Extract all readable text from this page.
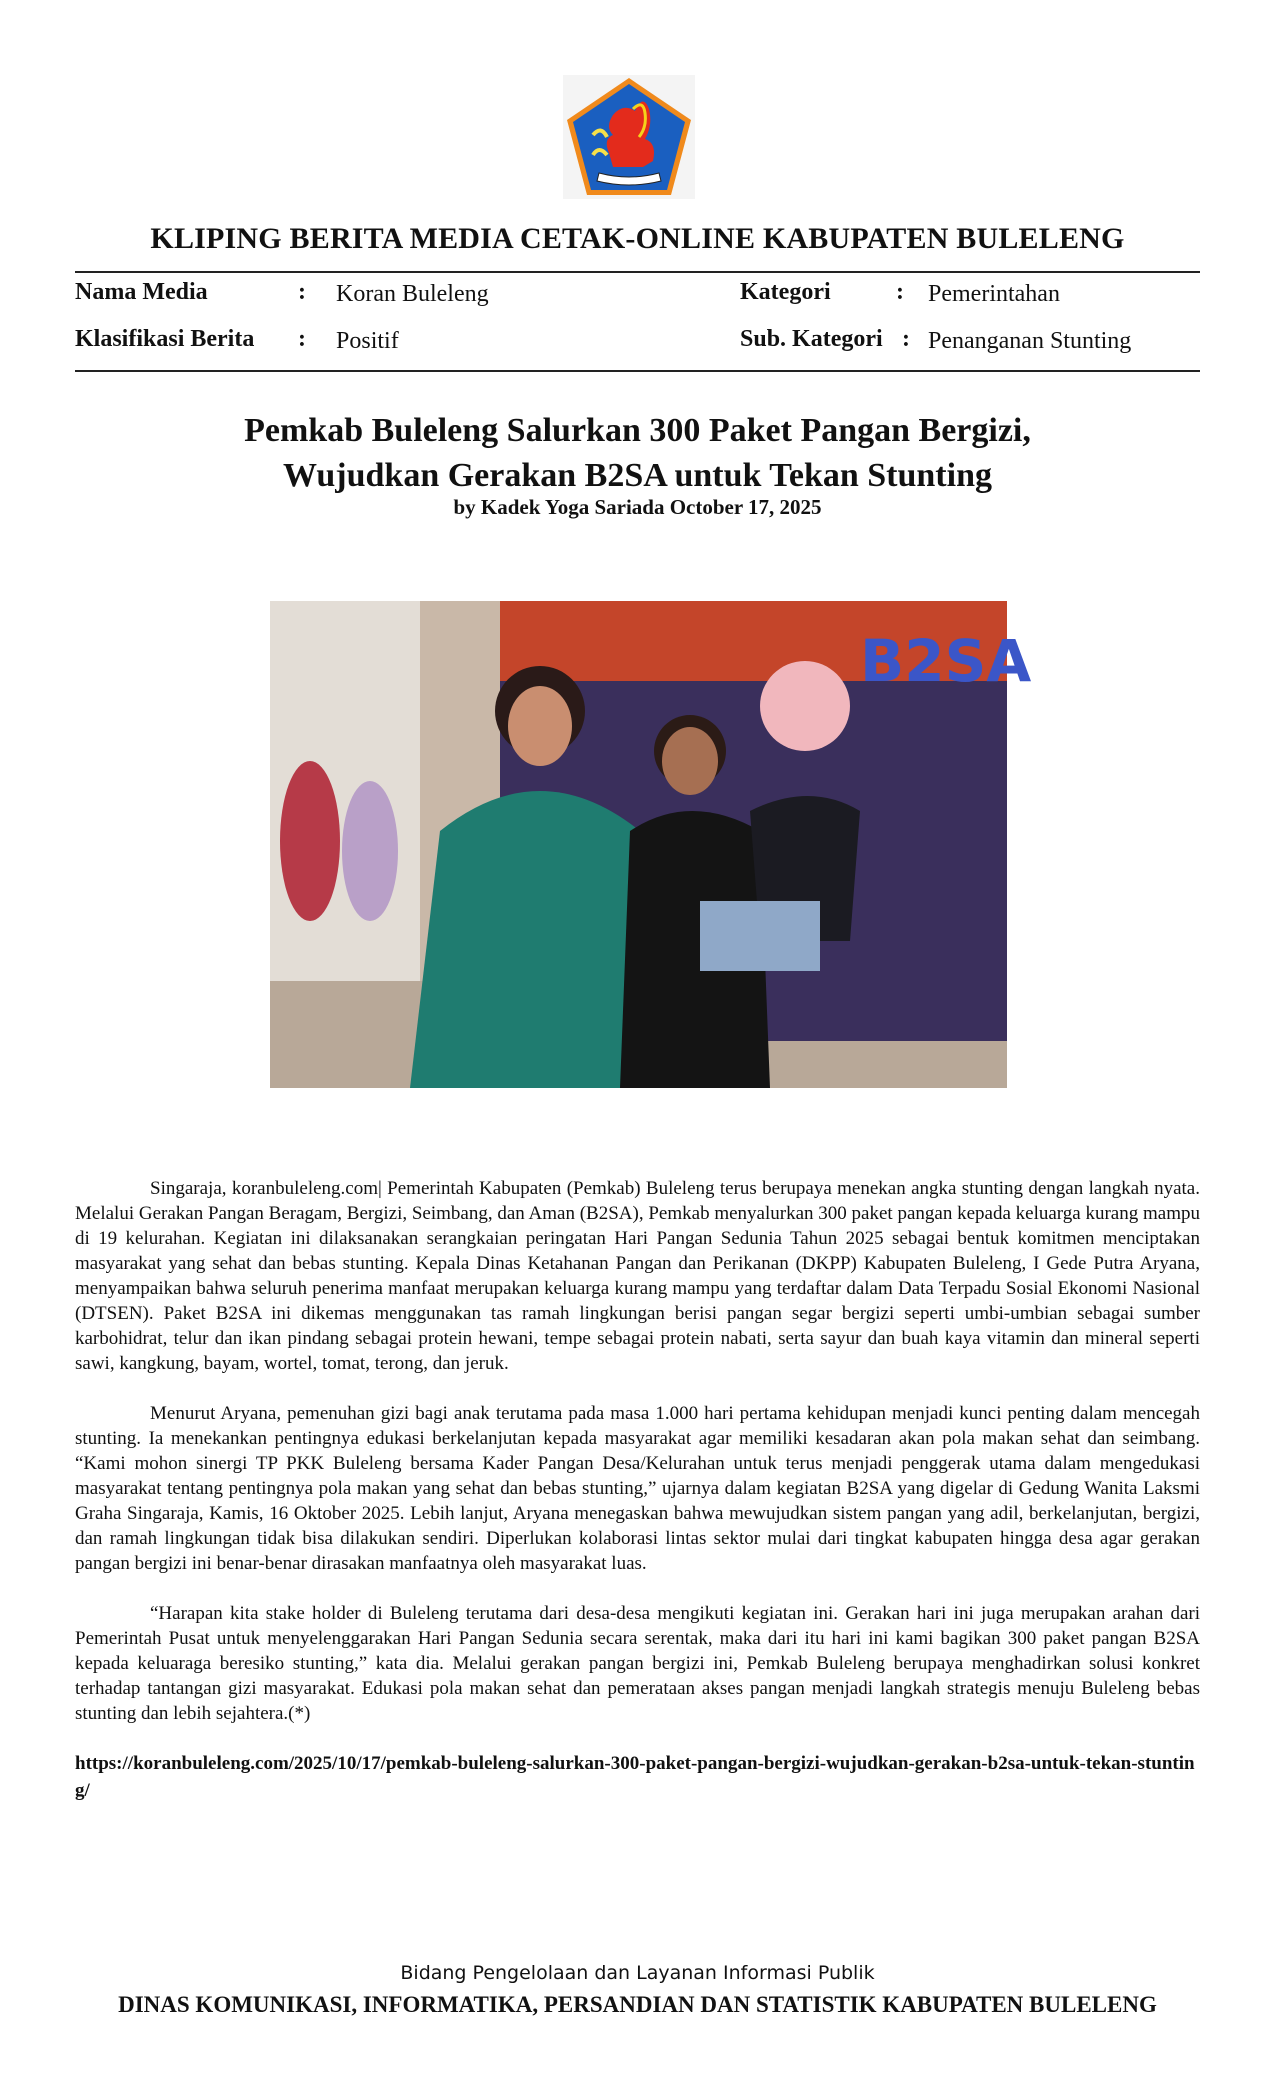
KLIPING BERITA MEDIA CETAK-ONLINE KABUPATEN BULELENG
Nama Media	: Koran Buleleng	Kategori	: Pemerintahan
Klasifikasi Berita : Positif	Sub. Kategori : Penanganan Stunting
Pemkab Buleleng Salurkan 300 Paket Pangan Bergizi,
Wujudkan Gerakan B2SA untuk Tekan Stunting
by Kadek Yoga Sariada October 17, 2025
B2SA

Singaraja, koranbuleleng.com| Pemerintah Kabupaten (Pemkab) Buleleng terus berupaya menekan angka stunting dengan langkah nyata. Melalui Gerakan Pangan Beragam, Bergizi, Seimbang, dan Aman (B2SA), Pemkab menyalurkan 300 paket pangan kepada keluarga kurang mampu di 19 kelurahan. Kegiatan ini dilaksanakan serangkaian peringatan Hari Pangan Sedunia Tahun 2025 sebagai bentuk komitmen menciptakan masyarakat yang sehat dan bebas stunting. Kepala Dinas Ketahanan Pangan dan Perikanan (DKPP) Kabupaten Buleleng, I Gede Putra Aryana, menyampaikan bahwa seluruh penerima manfaat merupakan keluarga kurang mampu yang terdaftar dalam Data Terpadu Sosial Ekonomi Nasional (DTSEN). Paket B2SA ini dikemas menggunakan tas ramah lingkungan berisi pangan segar bergizi seperti umbi-umbian sebagai sumber karbohidrat, telur dan ikan pindang sebagai protein hewani, tempe sebagai protein nabati, serta sayur dan buah kaya vitamin dan mineral seperti sawi, kangkung, bayam, wortel, tomat, terong, dan jeruk.

Menurut Aryana, pemenuhan gizi bagi anak terutama pada masa 1.000 hari pertama kehidupan menjadi kunci penting dalam mencegah stunting. Ia menekankan pentingnya edukasi berkelanjutan kepada masyarakat agar memiliki kesadaran akan pola makan sehat dan seimbang. “Kami mohon sinergi TP PKK Buleleng bersama Kader Pangan Desa/Kelurahan untuk terus menjadi penggerak utama dalam mengedukasi masyarakat tentang pentingnya pola makan yang sehat dan bebas stunting,” ujarnya dalam kegiatan B2SA yang digelar di Gedung Wanita Laksmi Graha Singaraja, Kamis, 16 Oktober 2025. Lebih lanjut, Aryana menegaskan bahwa mewujudkan sistem pangan yang adil, berkelanjutan, bergizi, dan ramah lingkungan tidak bisa dilakukan sendiri. Diperlukan kolaborasi lintas sektor mulai dari tingkat kabupaten hingga desa agar gerakan pangan bergizi ini benar-benar dirasakan manfaatnya oleh masyarakat luas.

“Harapan kita stake holder di Buleleng terutama dari desa-desa mengikuti kegiatan ini. Gerakan hari ini juga merupakan arahan dari Pemerintah Pusat untuk menyelenggarakan Hari Pangan Sedunia secara serentak, maka dari itu hari ini kami bagikan 300 paket pangan B2SA kepada keluaraga beresiko stunting,” kata dia. Melalui gerakan pangan bergizi ini, Pemkab Buleleng berupaya menghadirkan solusi konkret terhadap tantangan gizi masyarakat. Edukasi pola makan sehat dan pemerataan akses pangan menjadi langkah strategis menuju Buleleng bebas stunting dan lebih sejahtera.(*)

https://koranbuleleng.com/2025/10/17/pemkab-buleleng-salurkan-300-paket-pangan-bergizi-wujudkan-gerakan-b2sa-untuk-tekan-stunting/
Bidang Pengelolaan dan Layanan Informasi Publik
DINAS KOMUNIKASI, INFORMATIKA, PERSANDIAN DAN STATISTIK KABUPATEN BULELENG
